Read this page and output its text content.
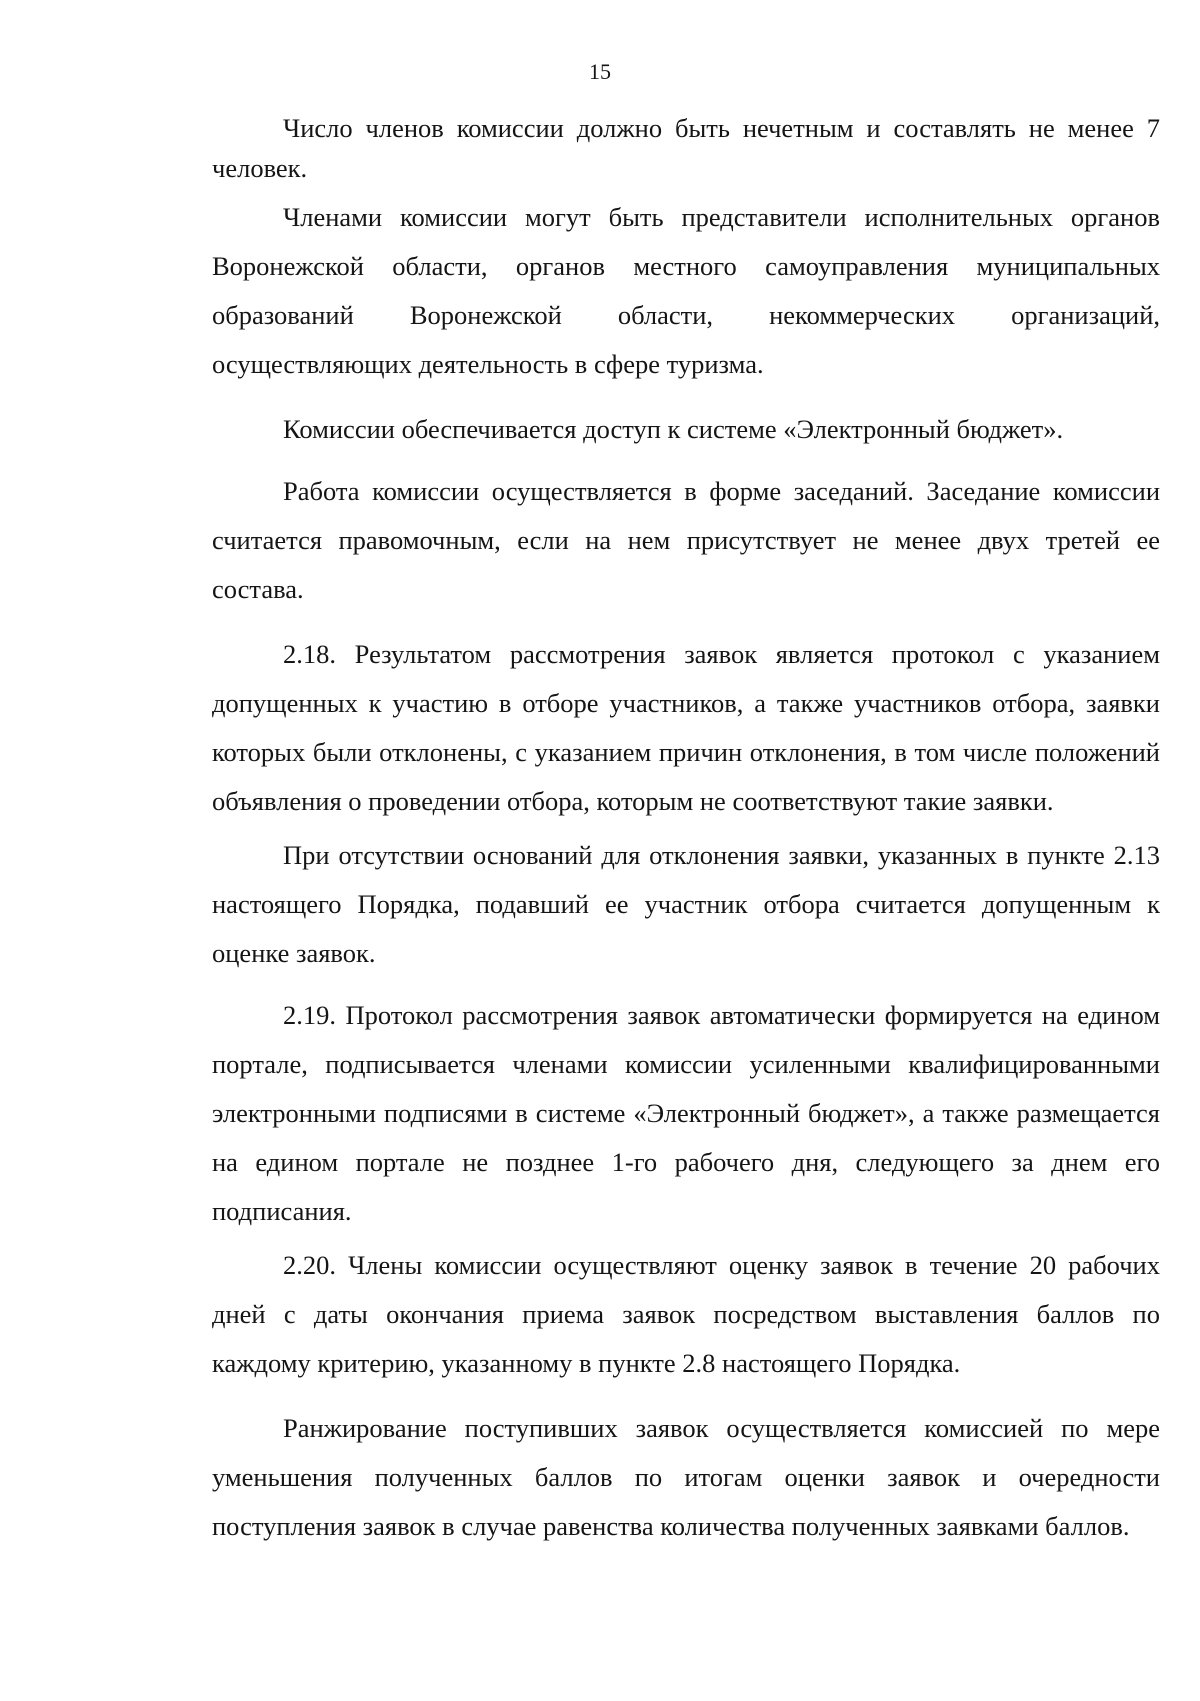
15

Число членов комиссии должно быть нечетным и составлять не менее 7 человек.

Членами комиссии могут быть представители исполнительных органов Воронежской области, органов местного самоуправления муниципальных образований Воронежской области, некоммерческих организаций, осуществляющих деятельность в сфере туризма.

Комиссии обеспечивается доступ к системе «Электронный бюджет».

Работа комиссии осуществляется в форме заседаний. Заседание комиссии считается правомочным, если на нем присутствует не менее двух третей ее состава.

2.18. Результатом рассмотрения заявок является протокол с указанием допущенных к участию в отборе участников, а также участников отбора, заявки которых были отклонены, с указанием причин отклонения, в том числе положений объявления о проведении отбора, которым не соответствуют такие заявки.

При отсутствии оснований для отклонения заявки, указанных в пункте 2.13 настоящего Порядка, подавший ее участник отбора считается допущенным к оценке заявок.

2.19. Протокол рассмотрения заявок автоматически формируется на едином портале, подписывается членами комиссии усиленными квалифицированными электронными подписями в системе «Электронный бюджет», а также размещается на едином портале не позднее 1-го рабочего дня, следующего за днем его подписания.

2.20. Члены комиссии осуществляют оценку заявок в течение 20 рабочих дней с даты окончания приема заявок посредством выставления баллов по каждому критерию, указанному в пункте 2.8 настоящего Порядка.

Ранжирование поступивших заявок осуществляется комиссией по мере уменьшения полученных баллов по итогам оценки заявок и очередности поступления заявок в случае равенства количества полученных заявками баллов.
